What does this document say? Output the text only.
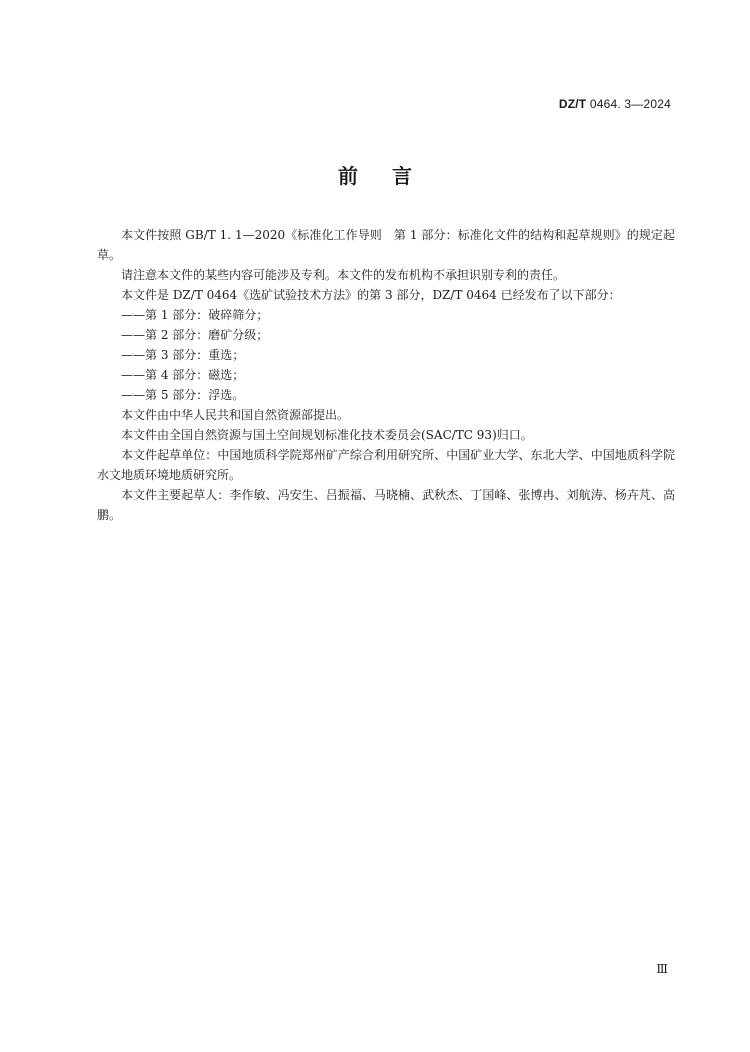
DZ/T 0464. 3—2024
前 言

本文件按照 GB/T 1. 1—2020《标准化工作导则　第 1 部分：标准化文件的结构和起草规则》的规定起草。

请注意本文件的某些内容可能涉及专利。本文件的发布机构不承担识别专利的责任。

本文件是 DZ/T 0464《选矿试验技术方法》的第 3 部分，DZ/T 0464 已经发布了以下部分：

——第 1 部分：破碎筛分；

——第 2 部分：磨矿分级；

——第 3 部分：重选；

——第 4 部分：磁选；

——第 5 部分：浮选。

本文件由中华人民共和国自然资源部提出。

本文件由全国自然资源与国土空间规划标准化技术委员会(SAC/TC 93)归口。

本文件起草单位：中国地质科学院郑州矿产综合利用研究所、中国矿业大学、东北大学、中国地质科学院水文地质环境地质研究所。

本文件主要起草人：李作敏、冯安生、吕振福、马晓楠、武秋杰、丁国峰、张博冉、刘航涛、杨卉芃、高鹏。

Ⅲ
